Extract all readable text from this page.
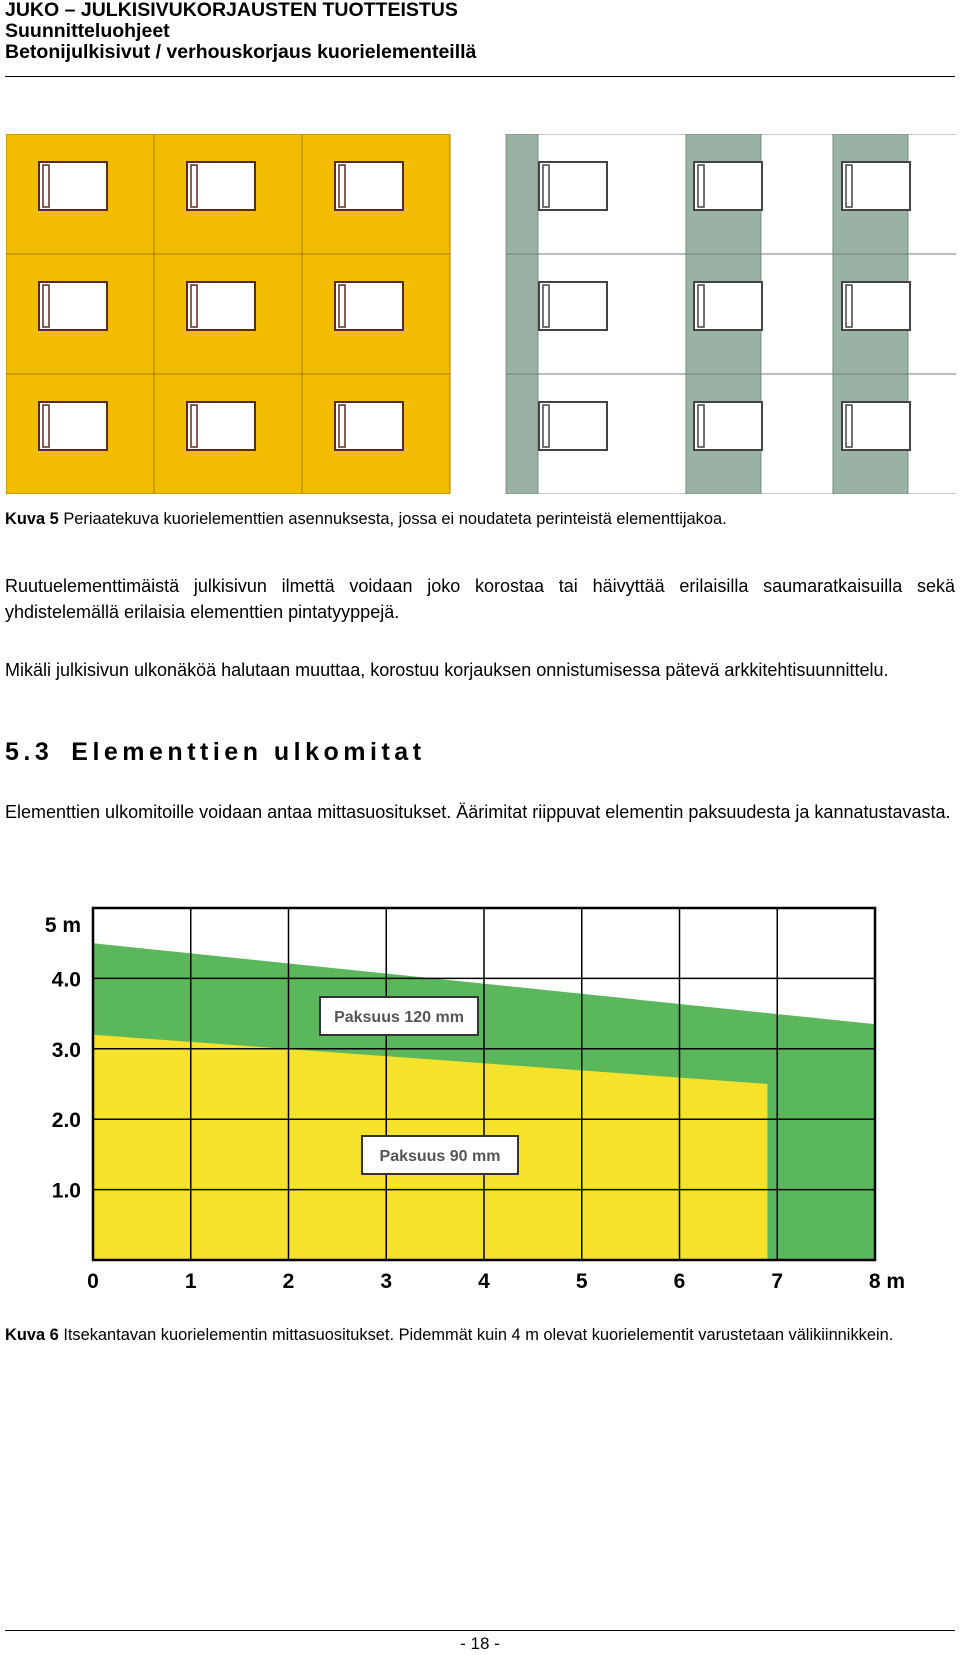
JUKO – JULKISIVUKORJAUSTEN TUOTTEISTUS
Suunnitteluohjeet
Betonijulkisivut / verhouskorjaus kuorielementeillä
Kuva 5 Periaatekuva kuorielementtien asennuksesta, jossa ei noudateta perinteistä elementtijakoa.
Ruutuelementtimäistä julkisivun ilmettä voidaan joko korostaa tai häivyttää erilaisilla saumaratkaisuilla sekä yhdistelemällä erilaisia elementtien pintatyyppejä.
Mikäli julkisivun ulkonäköä halutaan muuttaa, korostuu korjauksen onnistumisessa pätevä arkkitehtisuunnittelu.
5.3 Elementtien ulkomitat
Elementtien ulkomitoille voidaan antaa mittasuositukset. Äärimitat riippuvat elementin paksuudesta ja kannatustavasta.
0	1	2	3	4	5	6	7	8 m
1.0
2.0
3.0
4.0
5 m
Paksuus 120 mm
Paksuus 90 mm
Kuva 6 Itsekantavan kuorielementin mittasuositukset. Pidemmät kuin 4 m olevat kuorielementit varustetaan välikiinnikkein.
- 18 -
